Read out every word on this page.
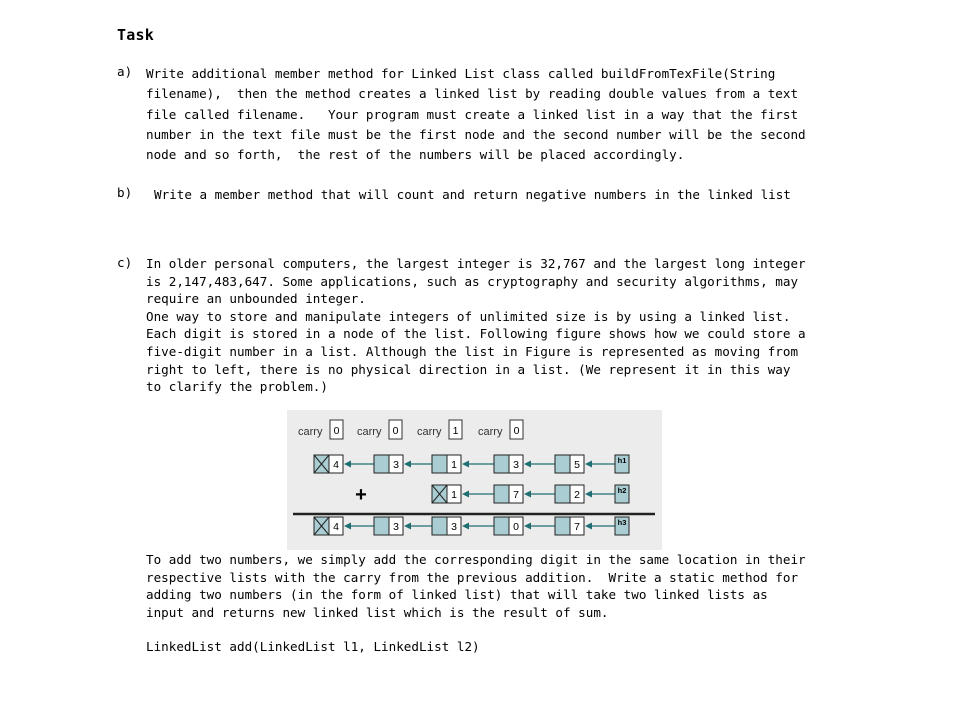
Task
a) Write additional member method for Linked List class called buildFromTexFile(String
filename),  then the method creates a linked list by reading double values from a text
file called filename.   Your program must create a linked list in a way that the first
number in the text file must be the first node and the second number will be the second
node and so forth,  the rest of the numbers will be placed accordingly.
b) Write a member method that will count and return negative numbers in the linked list
c) In older personal computers, the largest integer is 32,767 and the largest long integer
is 2,147,483,647. Some applications, such as cryptography and security algorithms, may
require an unbounded integer.
One way to store and manipulate integers of unlimited size is by using a linked list.
Each digit is stored in a node of the list. Following figure shows how we could store a
five-digit number in a list. Although the list in Figure is represented as moving from
right to left, there is no physical direction in a list. (We represent it in this way
to clarify the problem.)
carry 0 carry 0 carry 1 carry 0
4	3	1	3	5	h1
1	7	2	h2
4	3	3	0	7	h3
+
To add two numbers, we simply add the corresponding digit in the same location in their
respective lists with the carry from the previous addition.  Write a static method for
adding two numbers (in the form of linked list) that will take two linked lists as
input and returns new linked list which is the result of sum.
LinkedList add(LinkedList l1, LinkedList l2)
